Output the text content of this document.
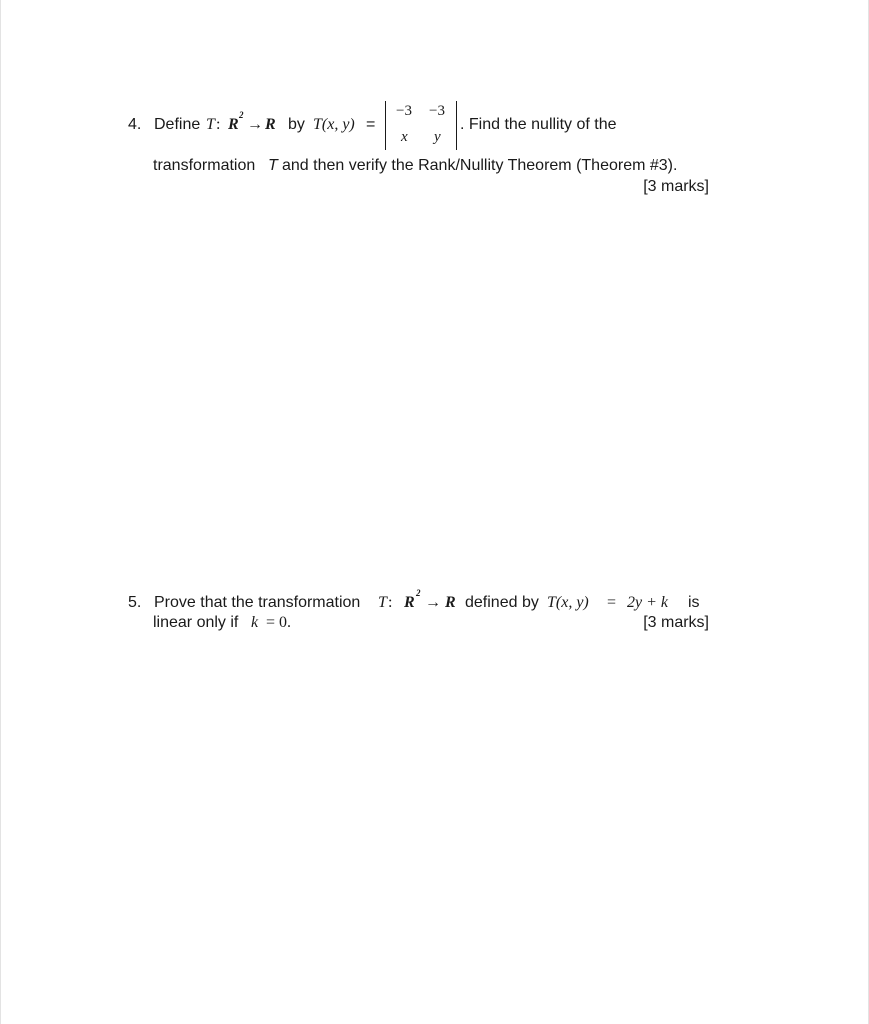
4. Define T : R
2
→ R by T(x, y) =
−3 −3
x y
. Find the nullity of the
transformation T and then verify the Rank/Nullity Theorem (Theorem #3).
[3 marks]
5. Prove that the transformation T : R
2
→ R defined by T(x, y) = 2y + k is
linear only if k = 0.	[3 marks]
